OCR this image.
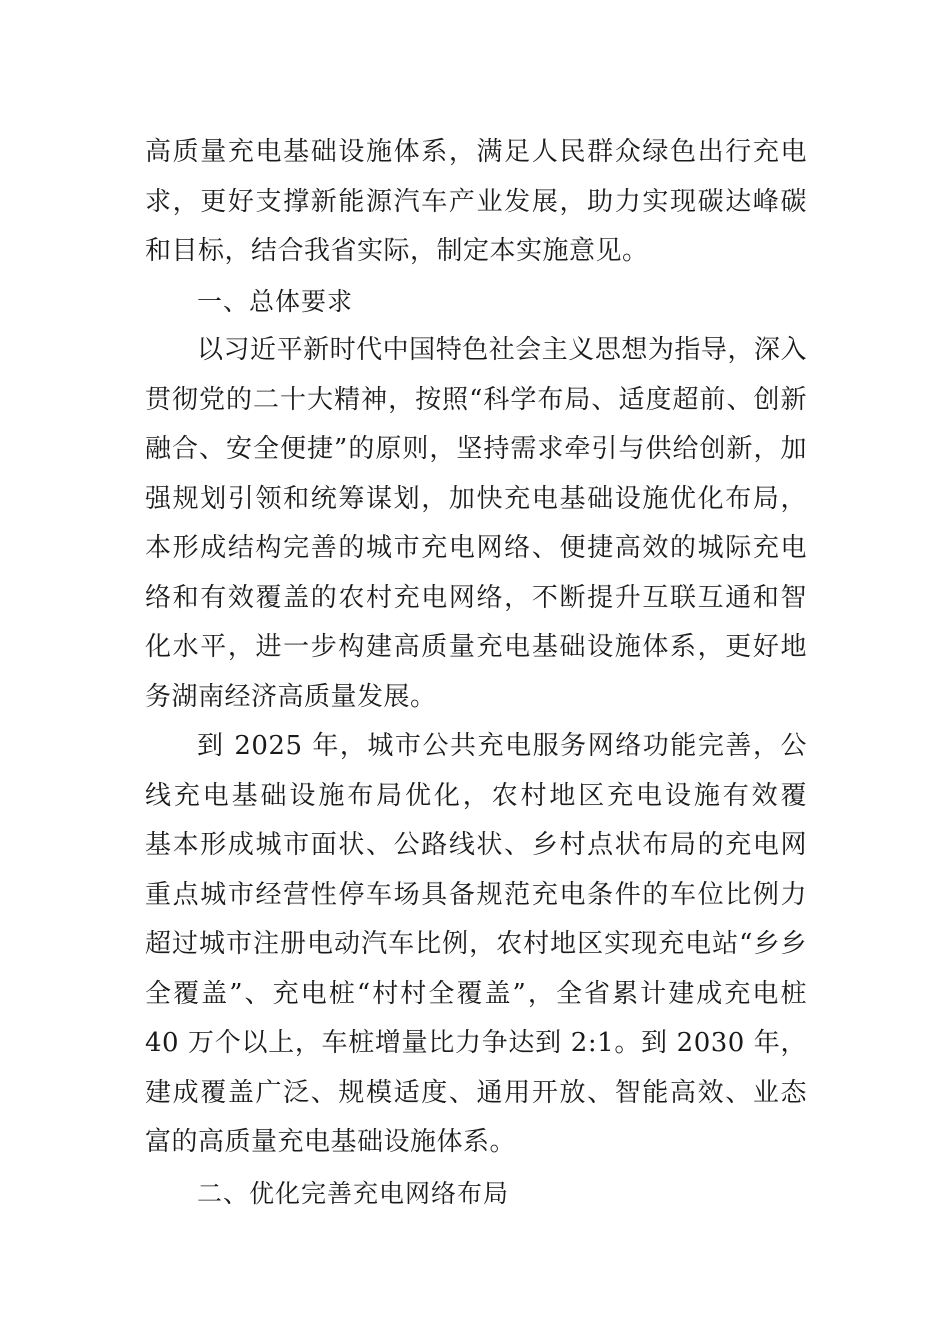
高质量充电基础设施体系，满足人民群众绿色出行充电
求，更好支撑新能源汽车产业发展，助力实现碳达峰碳
和目标，结合我省实际，制定本实施意见。
一、总体要求
以习近平新时代中国特色社会主义思想为指导，深入
贯彻党的二十大精神，按照“科学布局、适度超前、创新
融合、安全便捷”的原则，坚持需求牵引与供给创新，加
强规划引领和统筹谋划，加快充电基础设施优化布局，
本形成结构完善的城市充电网络、便捷高效的城际充电
络和有效覆盖的农村充电网络，不断提升互联互通和智
化水平，进一步构建高质量充电基础设施体系，更好地
务湖南经济高质量发展。
到 2025 年，城市公共充电服务网络功能完善，公
线充电基础设施布局优化，农村地区充电设施有效覆
基本形成城市面状、公路线状、乡村点状布局的充电网
重点城市经营性停车场具备规范充电条件的车位比例力
超过城市注册电动汽车比例，农村地区实现充电站“乡乡
全覆盖”、充电桩“村村全覆盖”，全省累计建成充电桩
40 万个以上，车桩增量比力争达到 2:1。到 2030 年，
建成覆盖广泛、规模适度、通用开放、智能高效、业态
富的高质量充电基础设施体系。
二、优化完善充电网络布局
